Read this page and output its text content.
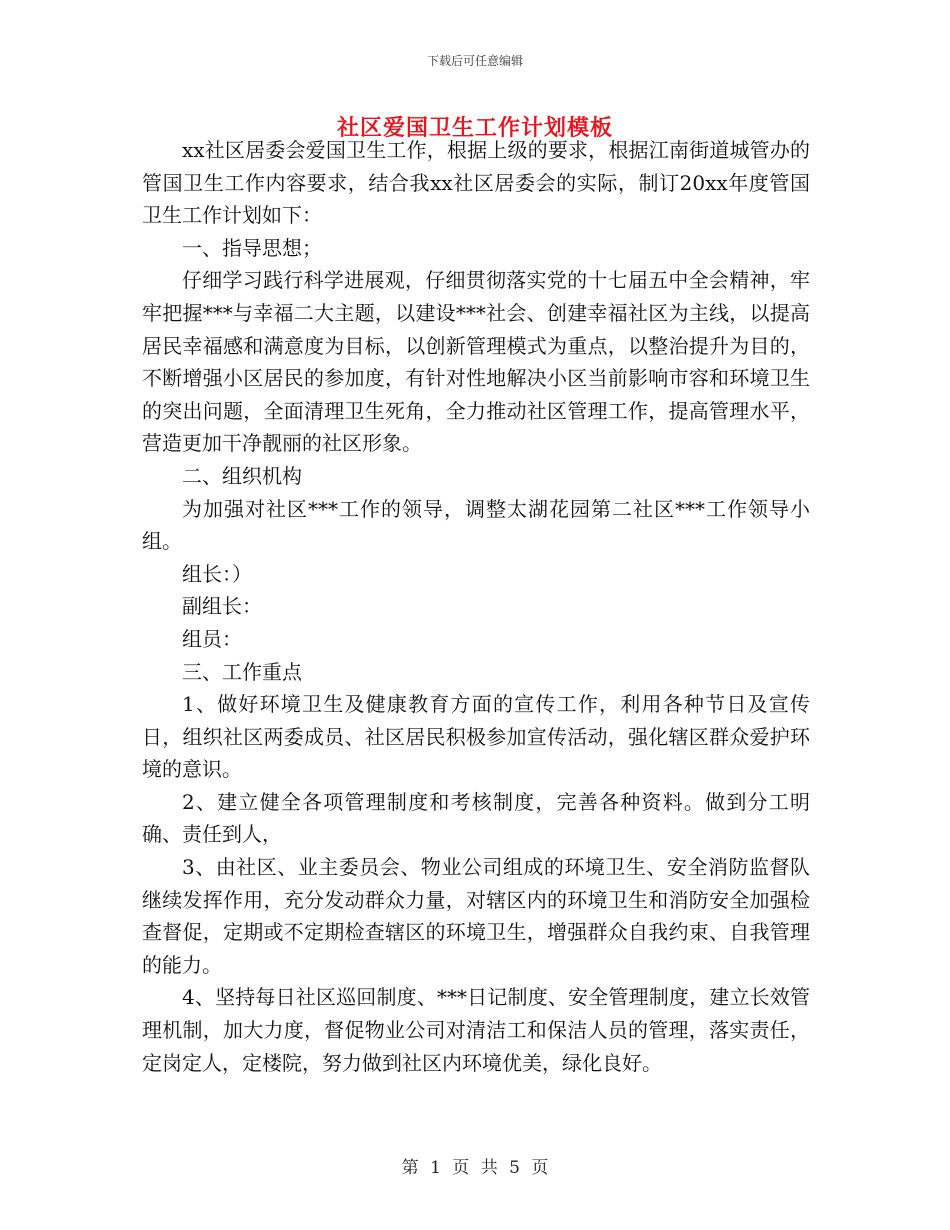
下载后可任意编辑
社区爱国卫生工作计划模板

xx社区居委会爱国卫生工作，根据上级的要求，根据江南街道城管办的管国卫生工作内容要求，结合我xx社区居委会的实际，制订20xx年度管国卫生工作计划如下：

一、指导思想；

仔细学习践行科学进展观，仔细贯彻落实党的十七届五中全会精神，牢牢把握***与幸福二大主题，以建设***社会、创建幸福社区为主线，以提高居民幸福感和满意度为目标，以创新管理模式为重点，以整治提升为目的，不断增强小区居民的参加度，有针对性地解决小区当前影响市容和环境卫生的突出问题，全面清理卫生死角，全力推动社区管理工作，提高管理水平，营造更加干净靓丽的社区形象。

二、组织机构

为加强对社区***工作的领导，调整太湖花园第二社区***工作领导小组。

组长：）

副组长：

组员：

三、工作重点

1、做好环境卫生及健康教育方面的宣传工作，利用各种节日及宣传日，组织社区两委成员、社区居民积极参加宣传活动，强化辖区群众爱护环境的意识。

2、建立健全各项管理制度和考核制度，完善各种资料。做到分工明确、责任到人，

3、由社区、业主委员会、物业公司组成的环境卫生、安全消防监督队继续发挥作用，充分发动群众力量，对辖区内的环境卫生和消防安全加强检查督促，定期或不定期检查辖区的环境卫生，增强群众自我约束、自我管理的能力。

4、坚持每日社区巡回制度、***日记制度、安全管理制度，建立长效管理机制，加大力度，督促物业公司对清洁工和保洁人员的管理，落实责任，定岗定人，定楼院，努力做到社区内环境优美，绿化良好。

第 1 页 共 5 页
